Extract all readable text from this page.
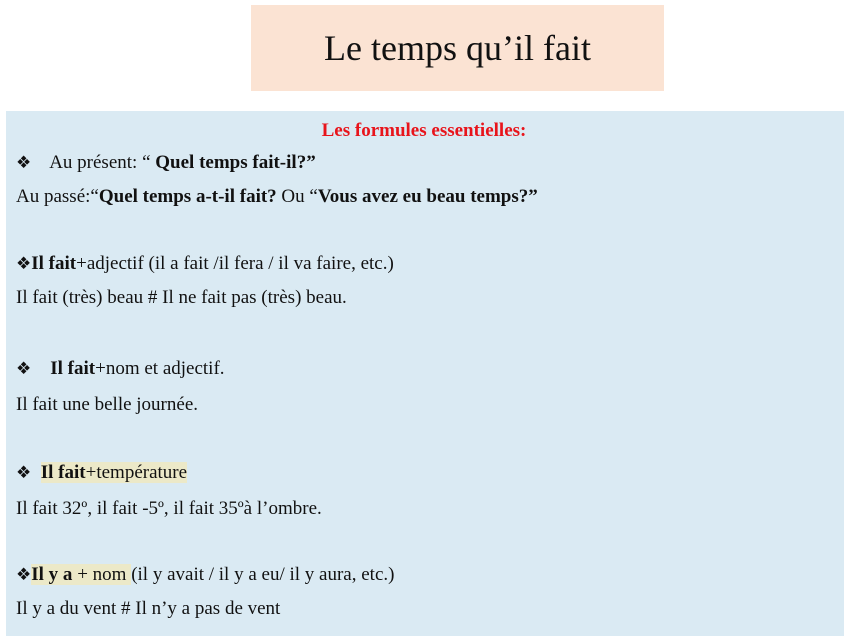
Le temps qu’il fait
Les formules essentielles:
❖ Au présent: “ Quel temps fait-il?”
Au passé:“Quel temps a-t-il fait? Ou “Vous avez eu beau temps?”
❖Il fait+adjectif (il a fait /il fera / il va faire, etc.)
Il fait (très) beau # Il ne fait pas (très) beau.
❖ Il fait+nom et adjectif.
Il fait une belle journée.
❖ Il fait+température
Il fait 32º, il fait -5º, il fait 35ºà l’ombre.
❖Il y a + nom (il y avait / il y a eu/ il y aura, etc.)
Il y a du vent # Il n’y a pas de vent
